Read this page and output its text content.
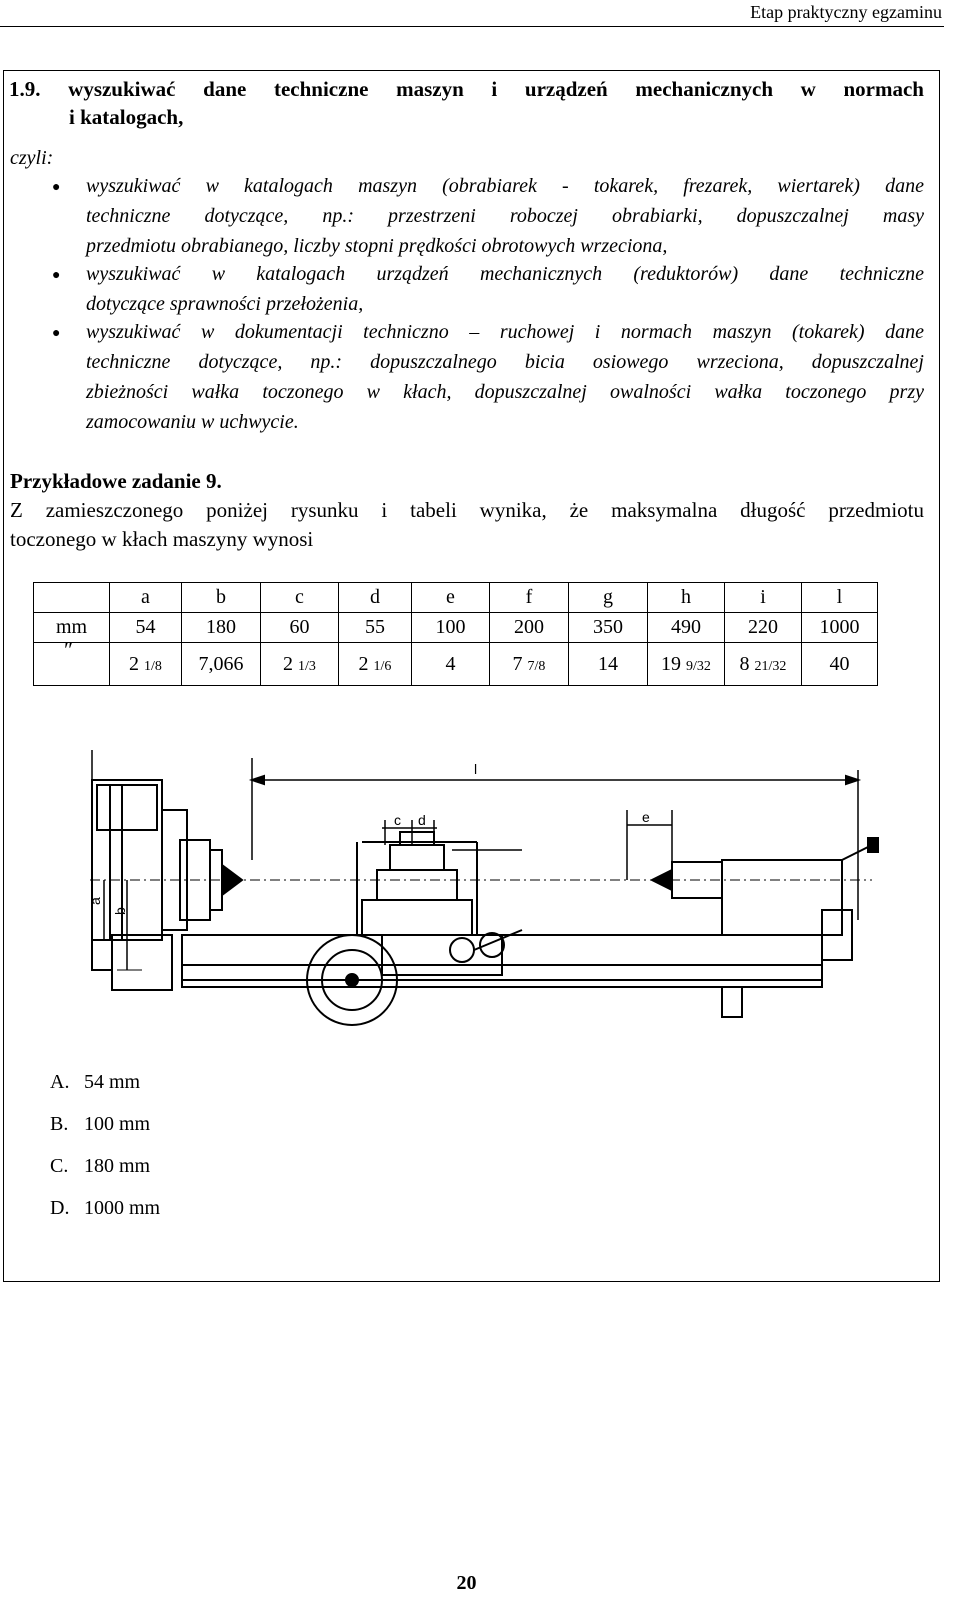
Etap praktyczny egzaminu
1.9. wyszukiwać dane techniczne maszyn i urządzeń mechanicznych w normach
i katalogach,
czyli:
● wyszukiwać w katalogach maszyn (obrabiarek - tokarek, frezarek, wiertarek) dane
techniczne dotyczące, np.: przestrzeni roboczej obrabiarki, dopuszczalnej masy
przedmiotu obrabianego, liczby stopni prędkości obrotowych wrzeciona,
● wyszukiwać w katalogach urządzeń mechanicznych (reduktorów) dane techniczne
dotyczące sprawności przełożenia,
● wyszukiwać w dokumentacji techniczno – ruchowej i normach maszyn (tokarek) dane
techniczne dotyczące, np.: dopuszczalnego bicia osiowego wrzeciona, dopuszczalnej
zbieżności wałka toczonego w kłach, dopuszczalnej owalności wałka toczonego przy
zamocowaniu w uchwycie.
Przykładowe zadanie 9.
Z zamieszczonego poniżej rysunku i tabeli wynika, że maksymalna długość przedmiotu
toczonego w kłach maszyny wynosi
	a	b	c	d	e	f	g	h	i	l
mm	54	180	60	55	100	200	350	490	220	1000
″	2 1/8	7,066	2 1/3	2 1/6	4	7 7/8	14	19 9/32	8 21/32	40
l
c d	e
a
b
A. 54 mm
B. 100 mm
C. 180 mm
D. 1000 mm
20
